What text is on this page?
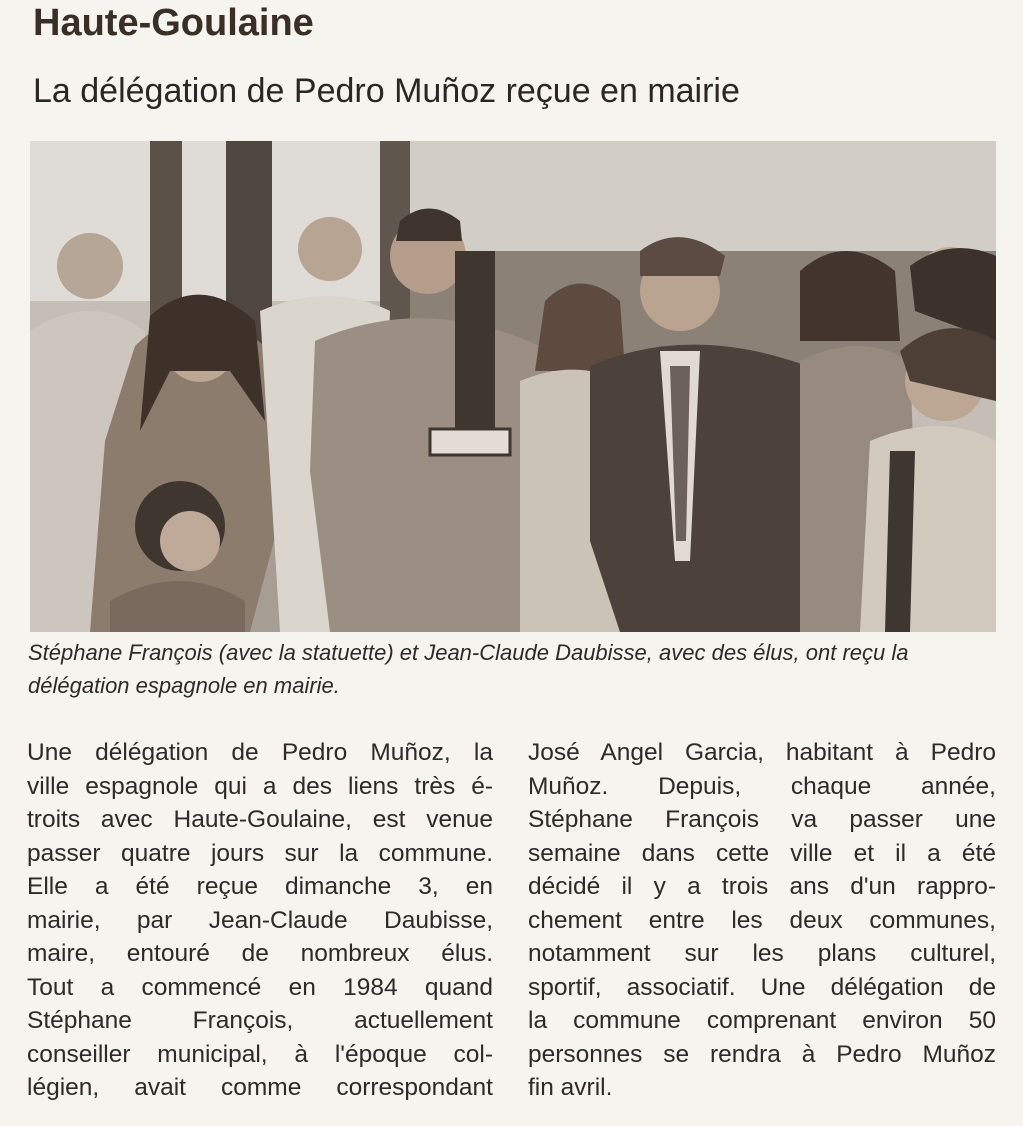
Haute-Goulaine
La délégation de Pedro Muñoz reçue en mairie

Stéphane François (avec la statuette) et Jean-Claude Daubisse, avec des élus, ont reçu la délégation espagnole en mairie.

Une délégation de Pedro Muñoz, la
ville espagnole qui a des liens très é-
troits avec Haute-Goulaine, est venue
passer quatre jours sur la commune.
Elle a été reçue dimanche 3, en
mairie, par Jean-Claude Daubisse,
maire, entouré de nombreux élus.
Tout a commencé en 1984 quand
Stéphane François, actuellement
conseiller municipal, à l'époque col-
légien, avait comme correspondant
José Angel Garcia, habitant à Pedro
Muñoz. Depuis, chaque année,
Stéphane François va passer une
semaine dans cette ville et il a été
décidé il y a trois ans d'un rappro-
chement entre les deux communes,
notamment sur les plans culturel,
sportif, associatif. Une délégation de
la commune comprenant environ 50
personnes se rendra à Pedro Muñoz
fin avril.
